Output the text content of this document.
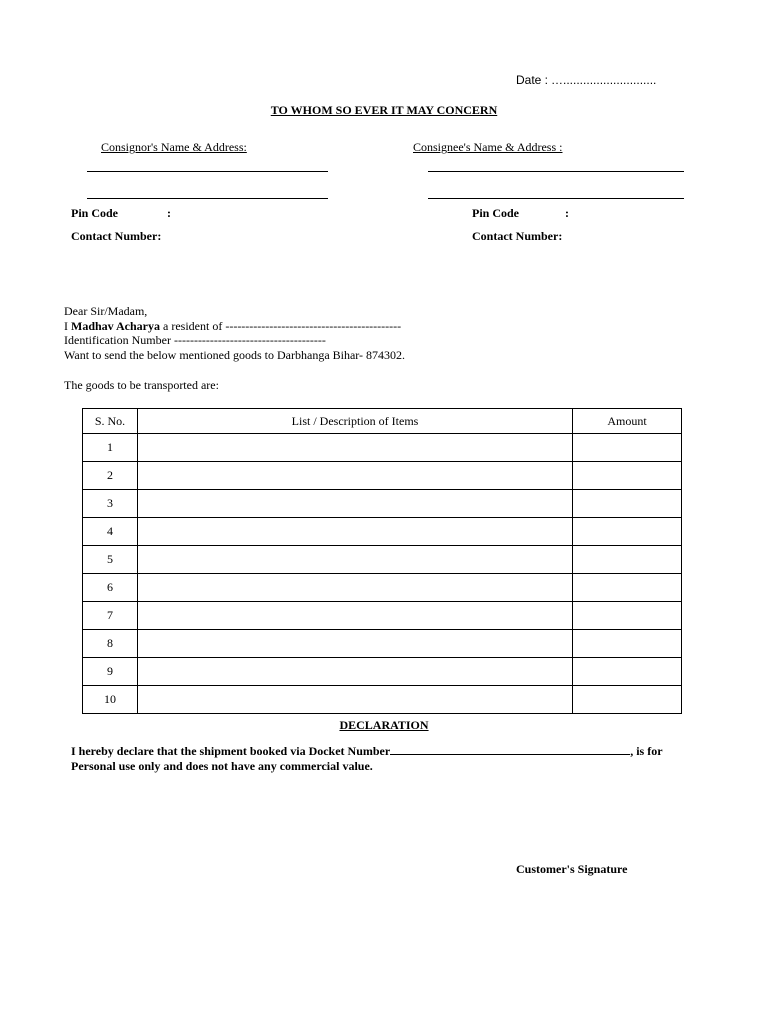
Date : …............................
TO WHOM SO EVER IT MAY CONCERN
Consignor's Name & Address:	Consignee's Name & Address :
Pin Code	:	Pin Code	:
Contact Number:	Contact Number:
Dear Sir/Madam,
I Madhav Acharya a resident of --------------------------------------------
Identification Number --------------------------------------
Want to send the below mentioned goods to Darbhanga Bihar- 874302.
The goods to be transported are:
S. No.	List / Description of Items	Amount
1		
2		
3		
4		
5		
6		
7		
8		
9		
10		
DECLARATION
I hereby declare that the shipment booked via Docket Number	, is for
Personal use only and does not have any commercial value.
Customer's Signature
